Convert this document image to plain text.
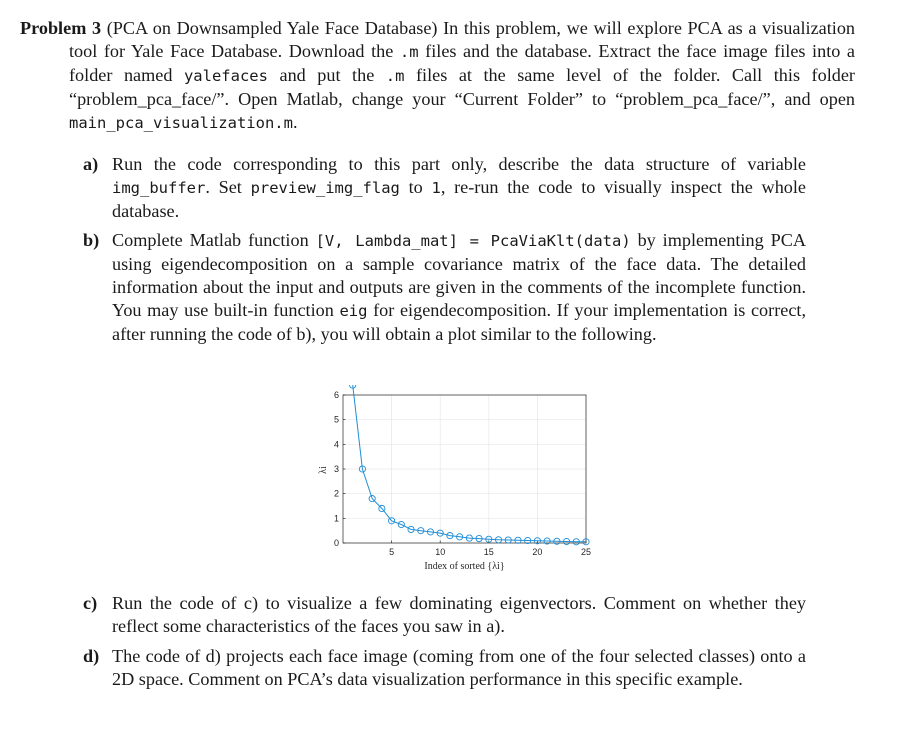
Problem 3 (PCA on Downsampled Yale Face Database) In this problem, we will explore PCA as a visualization tool for Yale Face Database. Download the .m files and the database. Extract the face image files into a folder named yalefaces and put the .m files at the same level of the folder. Call this folder “problem_pca_face/”. Open Matlab, change your “Current Folder” to “problem_pca_face/”, and open main_pca_visualization.m.
a) Run the code corresponding to this part only, describe the data structure of variable img_buffer. Set preview_img_flag to 1, re-run the code to visually inspect the whole database.
b) Complete Matlab function [V, Lambda_mat] = PcaViaKlt(data) by implementing PCA using eigendecomposition on a sample covariance matrix of the face data. The detailed information about the input and outputs are given in the comments of the incomplete function. You may use built-in function eig for eigendecomposition. If your implementation is correct, after running the code of b), you will obtain a plot similar to the following.
5	10	15	20	25
0
1
2
3
4
5
6
Index of sorted {λi}
λi
c) Run the code of c) to visualize a few dominating eigenvectors. Comment on whether they reflect some characteristics of the faces you saw in a).
d) The code of d) projects each face image (coming from one of the four selected classes) onto a 2D space. Comment on PCA’s data visualization performance in this specific example.
